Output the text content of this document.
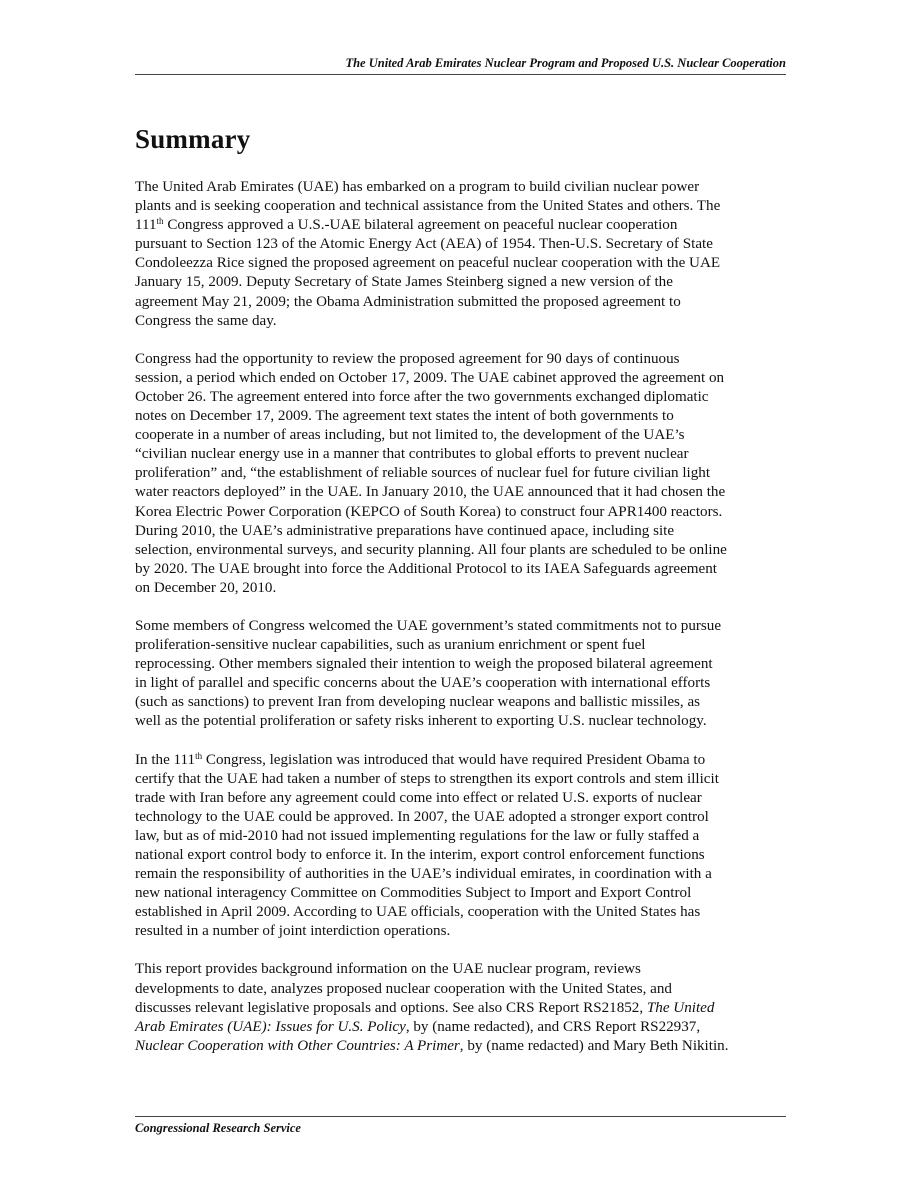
The United Arab Emirates Nuclear Program and Proposed U.S. Nuclear Cooperation
Summary

The United Arab Emirates (UAE) has embarked on a program to build civilian nuclear power
plants and is seeking cooperation and technical assistance from the United States and others. The
111th Congress approved a U.S.-UAE bilateral agreement on peaceful nuclear cooperation
pursuant to Section 123 of the Atomic Energy Act (AEA) of 1954. Then-U.S. Secretary of State
Condoleezza Rice signed the proposed agreement on peaceful nuclear cooperation with the UAE
January 15, 2009. Deputy Secretary of State James Steinberg signed a new version of the
agreement May 21, 2009; the Obama Administration submitted the proposed agreement to
Congress the same day.

Congress had the opportunity to review the proposed agreement for 90 days of continuous
session, a period which ended on October 17, 2009. The UAE cabinet approved the agreement on
October 26. The agreement entered into force after the two governments exchanged diplomatic
notes on December 17, 2009. The agreement text states the intent of both governments to
cooperate in a number of areas including, but not limited to, the development of the UAE’s
“civilian nuclear energy use in a manner that contributes to global efforts to prevent nuclear
proliferation” and, “the establishment of reliable sources of nuclear fuel for future civilian light
water reactors deployed” in the UAE. In January 2010, the UAE announced that it had chosen the
Korea Electric Power Corporation (KEPCO of South Korea) to construct four APR1400 reactors.
During 2010, the UAE’s administrative preparations have continued apace, including site
selection, environmental surveys, and security planning. All four plants are scheduled to be online
by 2020. The UAE brought into force the Additional Protocol to its IAEA Safeguards agreement
on December 20, 2010.

Some members of Congress welcomed the UAE government’s stated commitments not to pursue
proliferation-sensitive nuclear capabilities, such as uranium enrichment or spent fuel
reprocessing. Other members signaled their intention to weigh the proposed bilateral agreement
in light of parallel and specific concerns about the UAE’s cooperation with international efforts
(such as sanctions) to prevent Iran from developing nuclear weapons and ballistic missiles, as
well as the potential proliferation or safety risks inherent to exporting U.S. nuclear technology.

In the 111th Congress, legislation was introduced that would have required President Obama to
certify that the UAE had taken a number of steps to strengthen its export controls and stem illicit
trade with Iran before any agreement could come into effect or related U.S. exports of nuclear
technology to the UAE could be approved. In 2007, the UAE adopted a stronger export control
law, but as of mid-2010 had not issued implementing regulations for the law or fully staffed a
national export control body to enforce it. In the interim, export control enforcement functions
remain the responsibility of authorities in the UAE’s individual emirates, in coordination with a
new national interagency Committee on Commodities Subject to Import and Export Control
established in April 2009. According to UAE officials, cooperation with the United States has
resulted in a number of joint interdiction operations.

This report provides background information on the UAE nuclear program, reviews
developments to date, analyzes proposed nuclear cooperation with the United States, and
discusses relevant legislative proposals and options. See also CRS Report RS21852, The United
Arab Emirates (UAE): Issues for U.S. Policy, by (name redacted), and CRS Report RS22937,
Nuclear Cooperation with Other Countries: A Primer, by (name redacted) and Mary Beth Nikitin.

Congressional Research Service
